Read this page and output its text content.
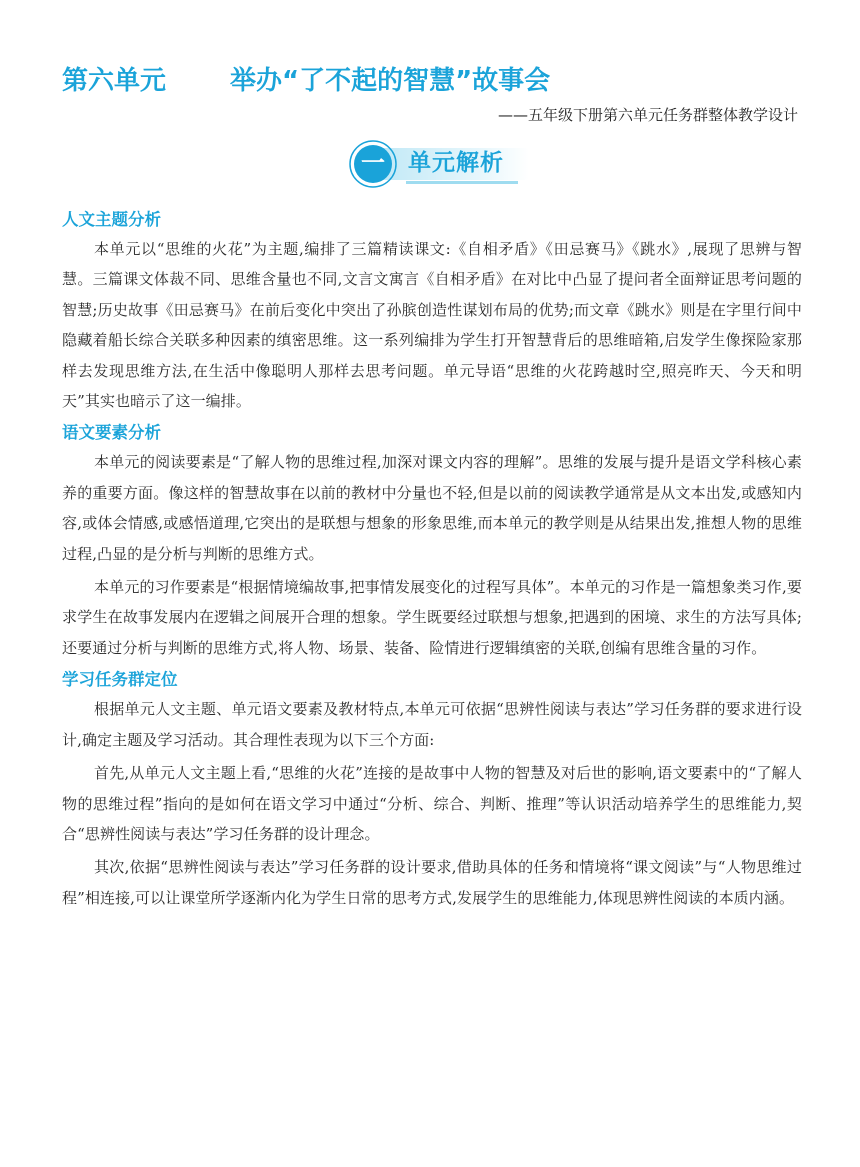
第六单元 举办“了不起的智慧”故事会
——五年级下册第六单元任务群整体教学设计
一	单元解析
人文主题分析

本单元以“思维的火花”为主题,编排了三篇精读课文:《自相矛盾》《田忌赛马》《跳水》,展现了思辨与智慧。三篇课文体裁不同、思维含量也不同,文言文寓言《自相矛盾》在对比中凸显了提问者全面辩证思考问题的智慧;历史故事《田忌赛马》在前后变化中突出了孙膑创造性谋划布局的优势;而文章《跳水》则是在字里行间中隐藏着船长综合关联多种因素的缜密思维。这一系列编排为学生打开智慧背后的思维暗箱,启发学生像探险家那样去发现思维方法,在生活中像聪明人那样去思考问题。单元导语“思维的火花跨越时空,照亮昨天、今天和明天”其实也暗示了这一编排。

语文要素分析

本单元的阅读要素是“了解人物的思维过程,加深对课文内容的理解”。思维的发展与提升是语文学科核心素养的重要方面。像这样的智慧故事在以前的教材中分量也不轻,但是以前的阅读教学通常是从文本出发,或感知内容,或体会情感,或感悟道理,它突出的是联想与想象的形象思维,而本单元的教学则是从结果出发,推想人物的思维过程,凸显的是分析与判断的思维方式。

本单元的习作要素是“根据情境编故事,把事情发展变化的过程写具体”。本单元的习作是一篇想象类习作,要求学生在故事发展内在逻辑之间展开合理的想象。学生既要经过联想与想象,把遇到的困境、求生的方法写具体;还要通过分析与判断的思维方式,将人物、场景、装备、险情进行逻辑缜密的关联,创编有思维含量的习作。

学习任务群定位

根据单元人文主题、单元语文要素及教材特点,本单元可依据“思辨性阅读与表达”学习任务群的要求进行设计,确定主题及学习活动。其合理性表现为以下三个方面:

首先,从单元人文主题上看,“思维的火花”连接的是故事中人物的智慧及对后世的影响,语文要素中的“了解人物的思维过程”指向的是如何在语文学习中通过“分析、综合、判断、推理”等认识活动培养学生的思维能力,契合“思辨性阅读与表达”学习任务群的设计理念。

其次,依据“思辨性阅读与表达”学习任务群的设计要求,借助具体的任务和情境将“课文阅读”与“人物思维过程”相连接,可以让课堂所学逐渐内化为学生日常的思考方式,发展学生的思维能力,体现思辨性阅读的本质内涵。
